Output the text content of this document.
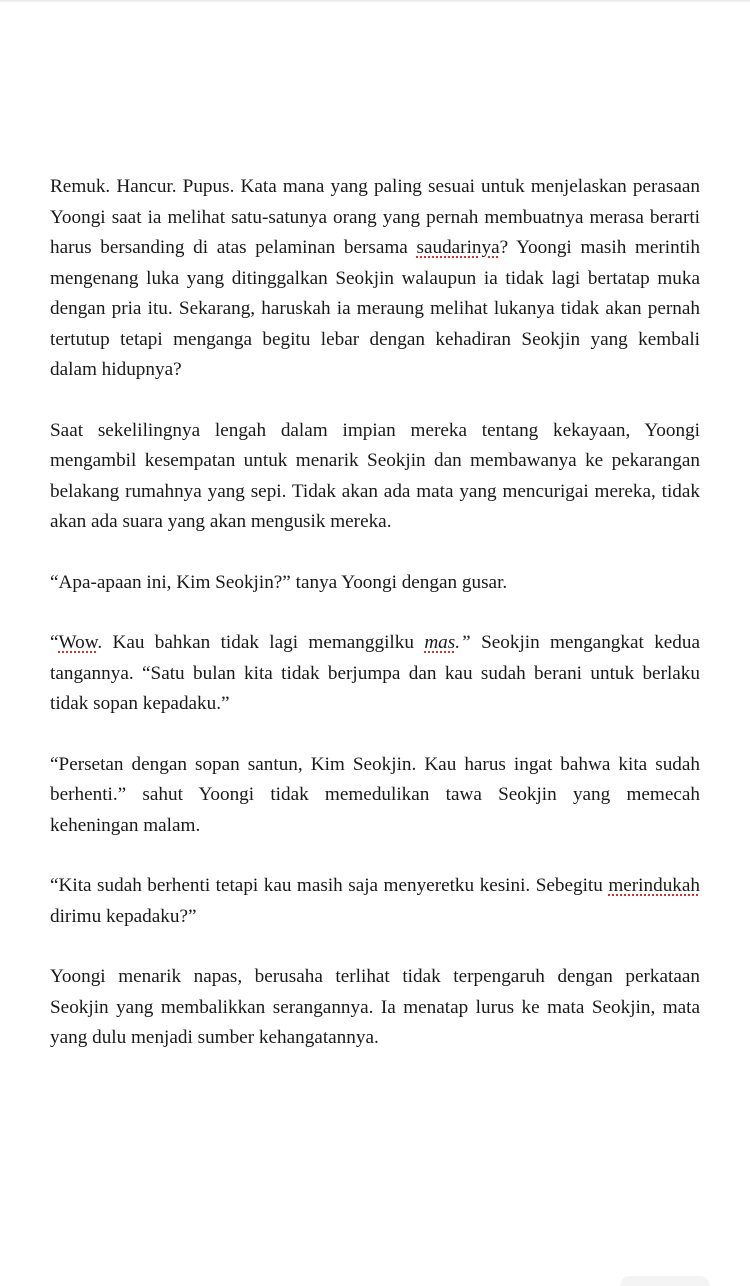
Remuk. Hancur. Pupus. Kata mana yang paling sesuai untuk menjelaskan perasaan Yoongi saat ia melihat satu-satunya orang yang pernah membuatnya merasa berarti harus bersanding di atas pelaminan bersama saudarinya? Yoongi masih merintih mengenang luka yang ditinggalkan Seokjin walaupun ia tidak lagi bertatap muka dengan pria itu. Sekarang, haruskah ia meraung melihat lukanya tidak akan pernah tertutup tetapi menganga begitu lebar dengan kehadiran Seokjin yang kembali dalam hidupnya?

Saat sekelilingnya lengah dalam impian mereka tentang kekayaan, Yoongi mengambil kesempatan untuk menarik Seokjin dan membawanya ke pekarangan belakang rumahnya yang sepi. Tidak akan ada mata yang mencurigai mereka, tidak akan ada suara yang akan mengusik mereka.

“Apa-apaan ini, Kim Seokjin?” tanya Yoongi dengan gusar.

“Wow. Kau bahkan tidak lagi memanggilku mas.” Seokjin mengangkat kedua tangannya. “Satu bulan kita tidak berjumpa dan kau sudah berani untuk berlaku tidak sopan kepadaku.”

“Persetan dengan sopan santun, Kim Seokjin. Kau harus ingat bahwa kita sudah berhenti.” sahut Yoongi tidak memedulikan tawa Seokjin yang memecah keheningan malam.

“Kita sudah berhenti tetapi kau masih saja menyeretku kesini. Sebegitu merindukah dirimu kepadaku?”

Yoongi menarik napas, berusaha terlihat tidak terpengaruh dengan perkataan Seokjin yang membalikkan serangannya. Ia menatap lurus ke mata Seokjin, mata yang dulu menjadi sumber kehangatannya.
